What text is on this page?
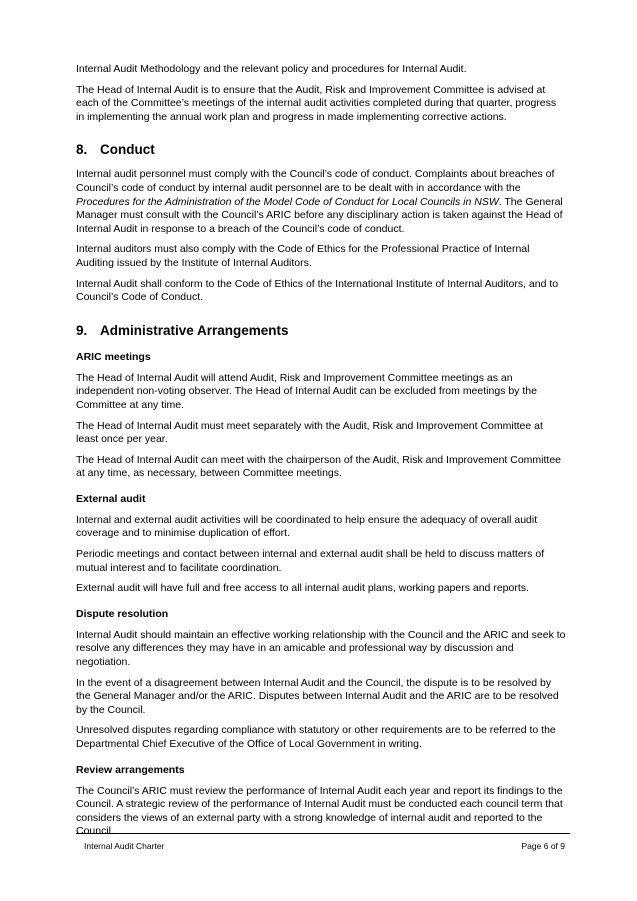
Internal Audit Methodology and the relevant policy and procedures for Internal Audit.

The Head of Internal Audit is to ensure that the Audit, Risk and Improvement Committee is advised at each of the Committee’s meetings of the internal audit activities completed during that quarter, progress in implementing the annual work plan and progress in made implementing corrective actions.

8. Conduct

Internal audit personnel must comply with the Council’s code of conduct. Complaints about breaches of Council’s code of conduct by internal audit personnel are to be dealt with in accordance with the Procedures for the Administration of the Model Code of Conduct for Local Councils in NSW. The General Manager must consult with the Council’s ARIC before any disciplinary action is taken against the Head of Internal Audit in response to a breach of the Council’s code of conduct.

Internal auditors must also comply with the Code of Ethics for the Professional Practice of Internal Auditing issued by the Institute of Internal Auditors.

Internal Audit shall conform to the Code of Ethics of the International Institute of Internal Auditors, and to Council’s Code of Conduct.

9. Administrative Arrangements
ARIC meetings

The Head of Internal Audit will attend Audit, Risk and Improvement Committee meetings as an independent non-voting observer. The Head of Internal Audit can be excluded from meetings by the Committee at any time.

The Head of Internal Audit must meet separately with the Audit, Risk and Improvement Committee at least once per year.

The Head of Internal Audit can meet with the chairperson of the Audit, Risk and Improvement Committee at any time, as necessary, between Committee meetings.

External audit

Internal and external audit activities will be coordinated to help ensure the adequacy of overall audit coverage and to minimise duplication of effort.

Periodic meetings and contact between internal and external audit shall be held to discuss matters of mutual interest and to facilitate coordination.

External audit will have full and free access to all internal audit plans, working papers and reports.

Dispute resolution

Internal Audit should maintain an effective working relationship with the Council and the ARIC and seek to resolve any differences they may have in an amicable and professional way by discussion and negotiation.

In the event of a disagreement between Internal Audit and the Council, the dispute is to be resolved by the General Manager and/or the ARIC. Disputes between Internal Audit and the ARIC are to be resolved by the Council.

Unresolved disputes regarding compliance with statutory or other requirements are to be referred to the Departmental Chief Executive of the Office of Local Government in writing.

Review arrangements

The Council’s ARIC must review the performance of Internal Audit each year and report its findings to the Council. A strategic review of the performance of Internal Audit must be conducted each council term that considers the views of an external party with a strong knowledge of internal audit and reported to the Council.

Internal Audit Charter	Page 6 of 9
